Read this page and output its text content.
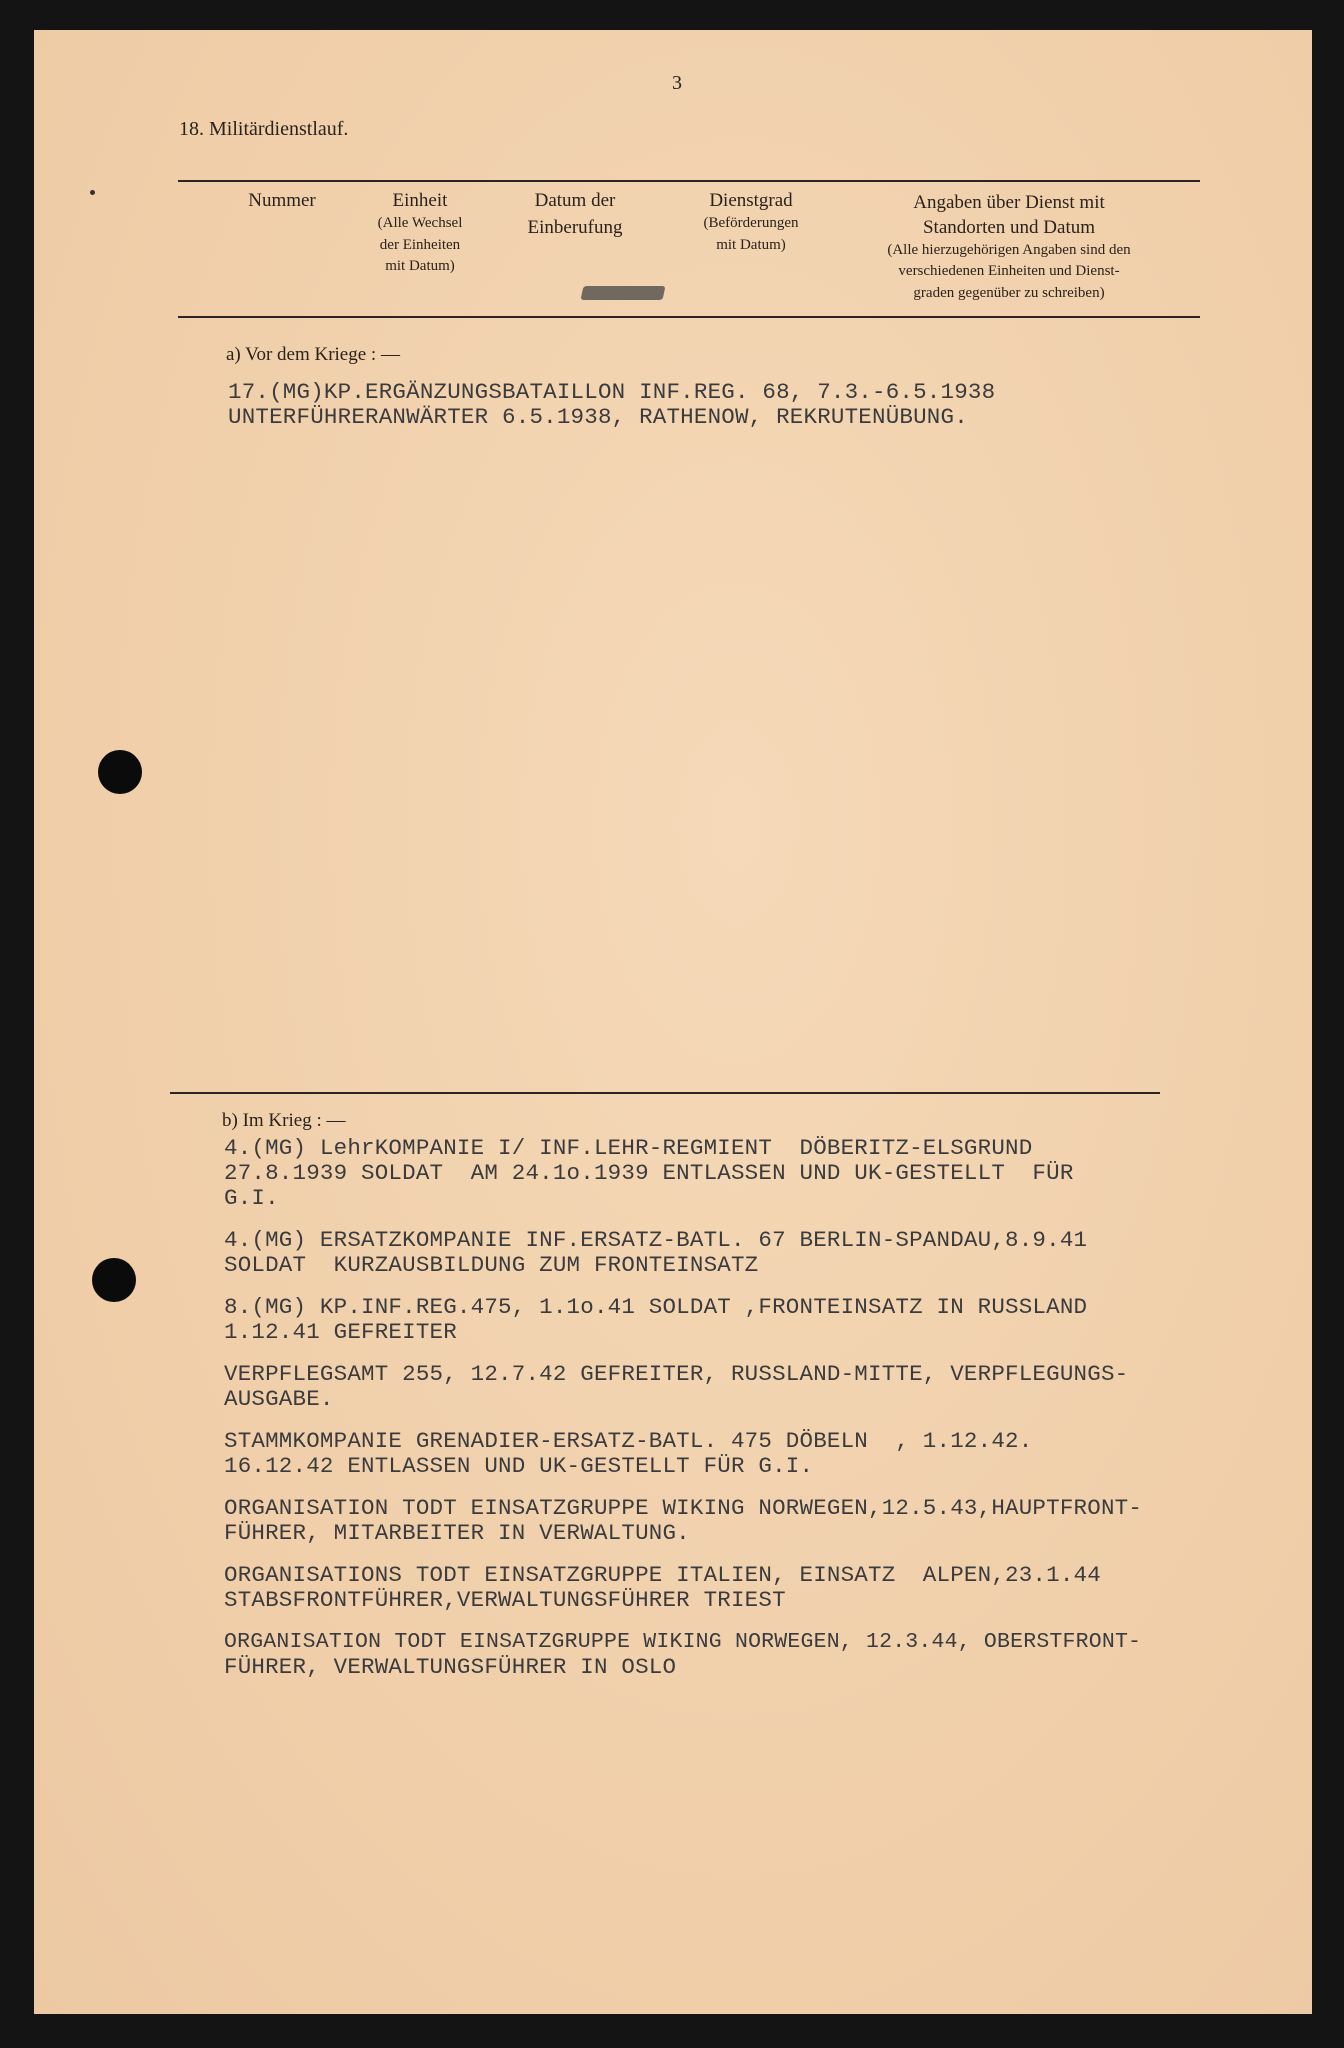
3
18. Militärdienstlauf.
Nummer	Einheit
(Alle Wechsel
der Einheiten
mit Datum)
Datum der
Einberufung
Dienstgrad
(Beförderungen
mit Datum)
Angaben über Dienst mit
Standorten und Datum
(Alle hierzugehörigen Angaben sind den
verschiedenen Einheiten und Dienst-
graden gegenüber zu schreiben)
a) Vor dem Kriege : —
17.(MG)KP.ERGÄNZUNGSBATAILLON INF.REG. 68, 7.3.-6.5.1938
UNTERFÜHRERANWÄRTER 6.5.1938, RATHENOW, REKRUTENÜBUNG.
b) Im Krieg : —
4.(MG) LehrKOMPANIE I/ INF.LEHR-REGMIENT  DÖBERITZ-ELSGRUND
27.8.1939 SOLDAT  AM 24.1o.1939 ENTLASSEN UND UK-GESTELLT  FÜR
G.I.
4.(MG) ERSATZKOMPANIE INF.ERSATZ-BATL. 67 BERLIN-SPANDAU,8.9.41
SOLDAT  KURZAUSBILDUNG ZUM FRONTEINSATZ
8.(MG) KP.INF.REG.475, 1.1o.41 SOLDAT ,FRONTEINSATZ IN RUSSLAND
1.12.41 GEFREITER
VERPFLEGSAMT 255, 12.7.42 GEFREITER, RUSSLAND-MITTE, VERPFLEGUNGS-
AUSGABE.
STAMMKOMPANIE GRENADIER-ERSATZ-BATL. 475 DÖBELN  , 1.12.42.
16.12.42 ENTLASSEN UND UK-GESTELLT FÜR G.I.
ORGANISATION TODT EINSATZGRUPPE WIKING NORWEGEN,12.5.43,HAUPTFRONT-
FÜHRER, MITARBEITER IN VERWALTUNG.
ORGANISATIONS TODT EINSATZGRUPPE ITALIEN, EINSATZ  ALPEN,23.1.44
STABSFRONTFÜHRER,VERWALTUNGSFÜHRER TRIEST
ORGANISATION TODT EINSATZGRUPPE WIKING NORWEGEN, 12.3.44, OBERSTFRONT-
FÜHRER, VERWALTUNGSFÜHRER IN OSLO
